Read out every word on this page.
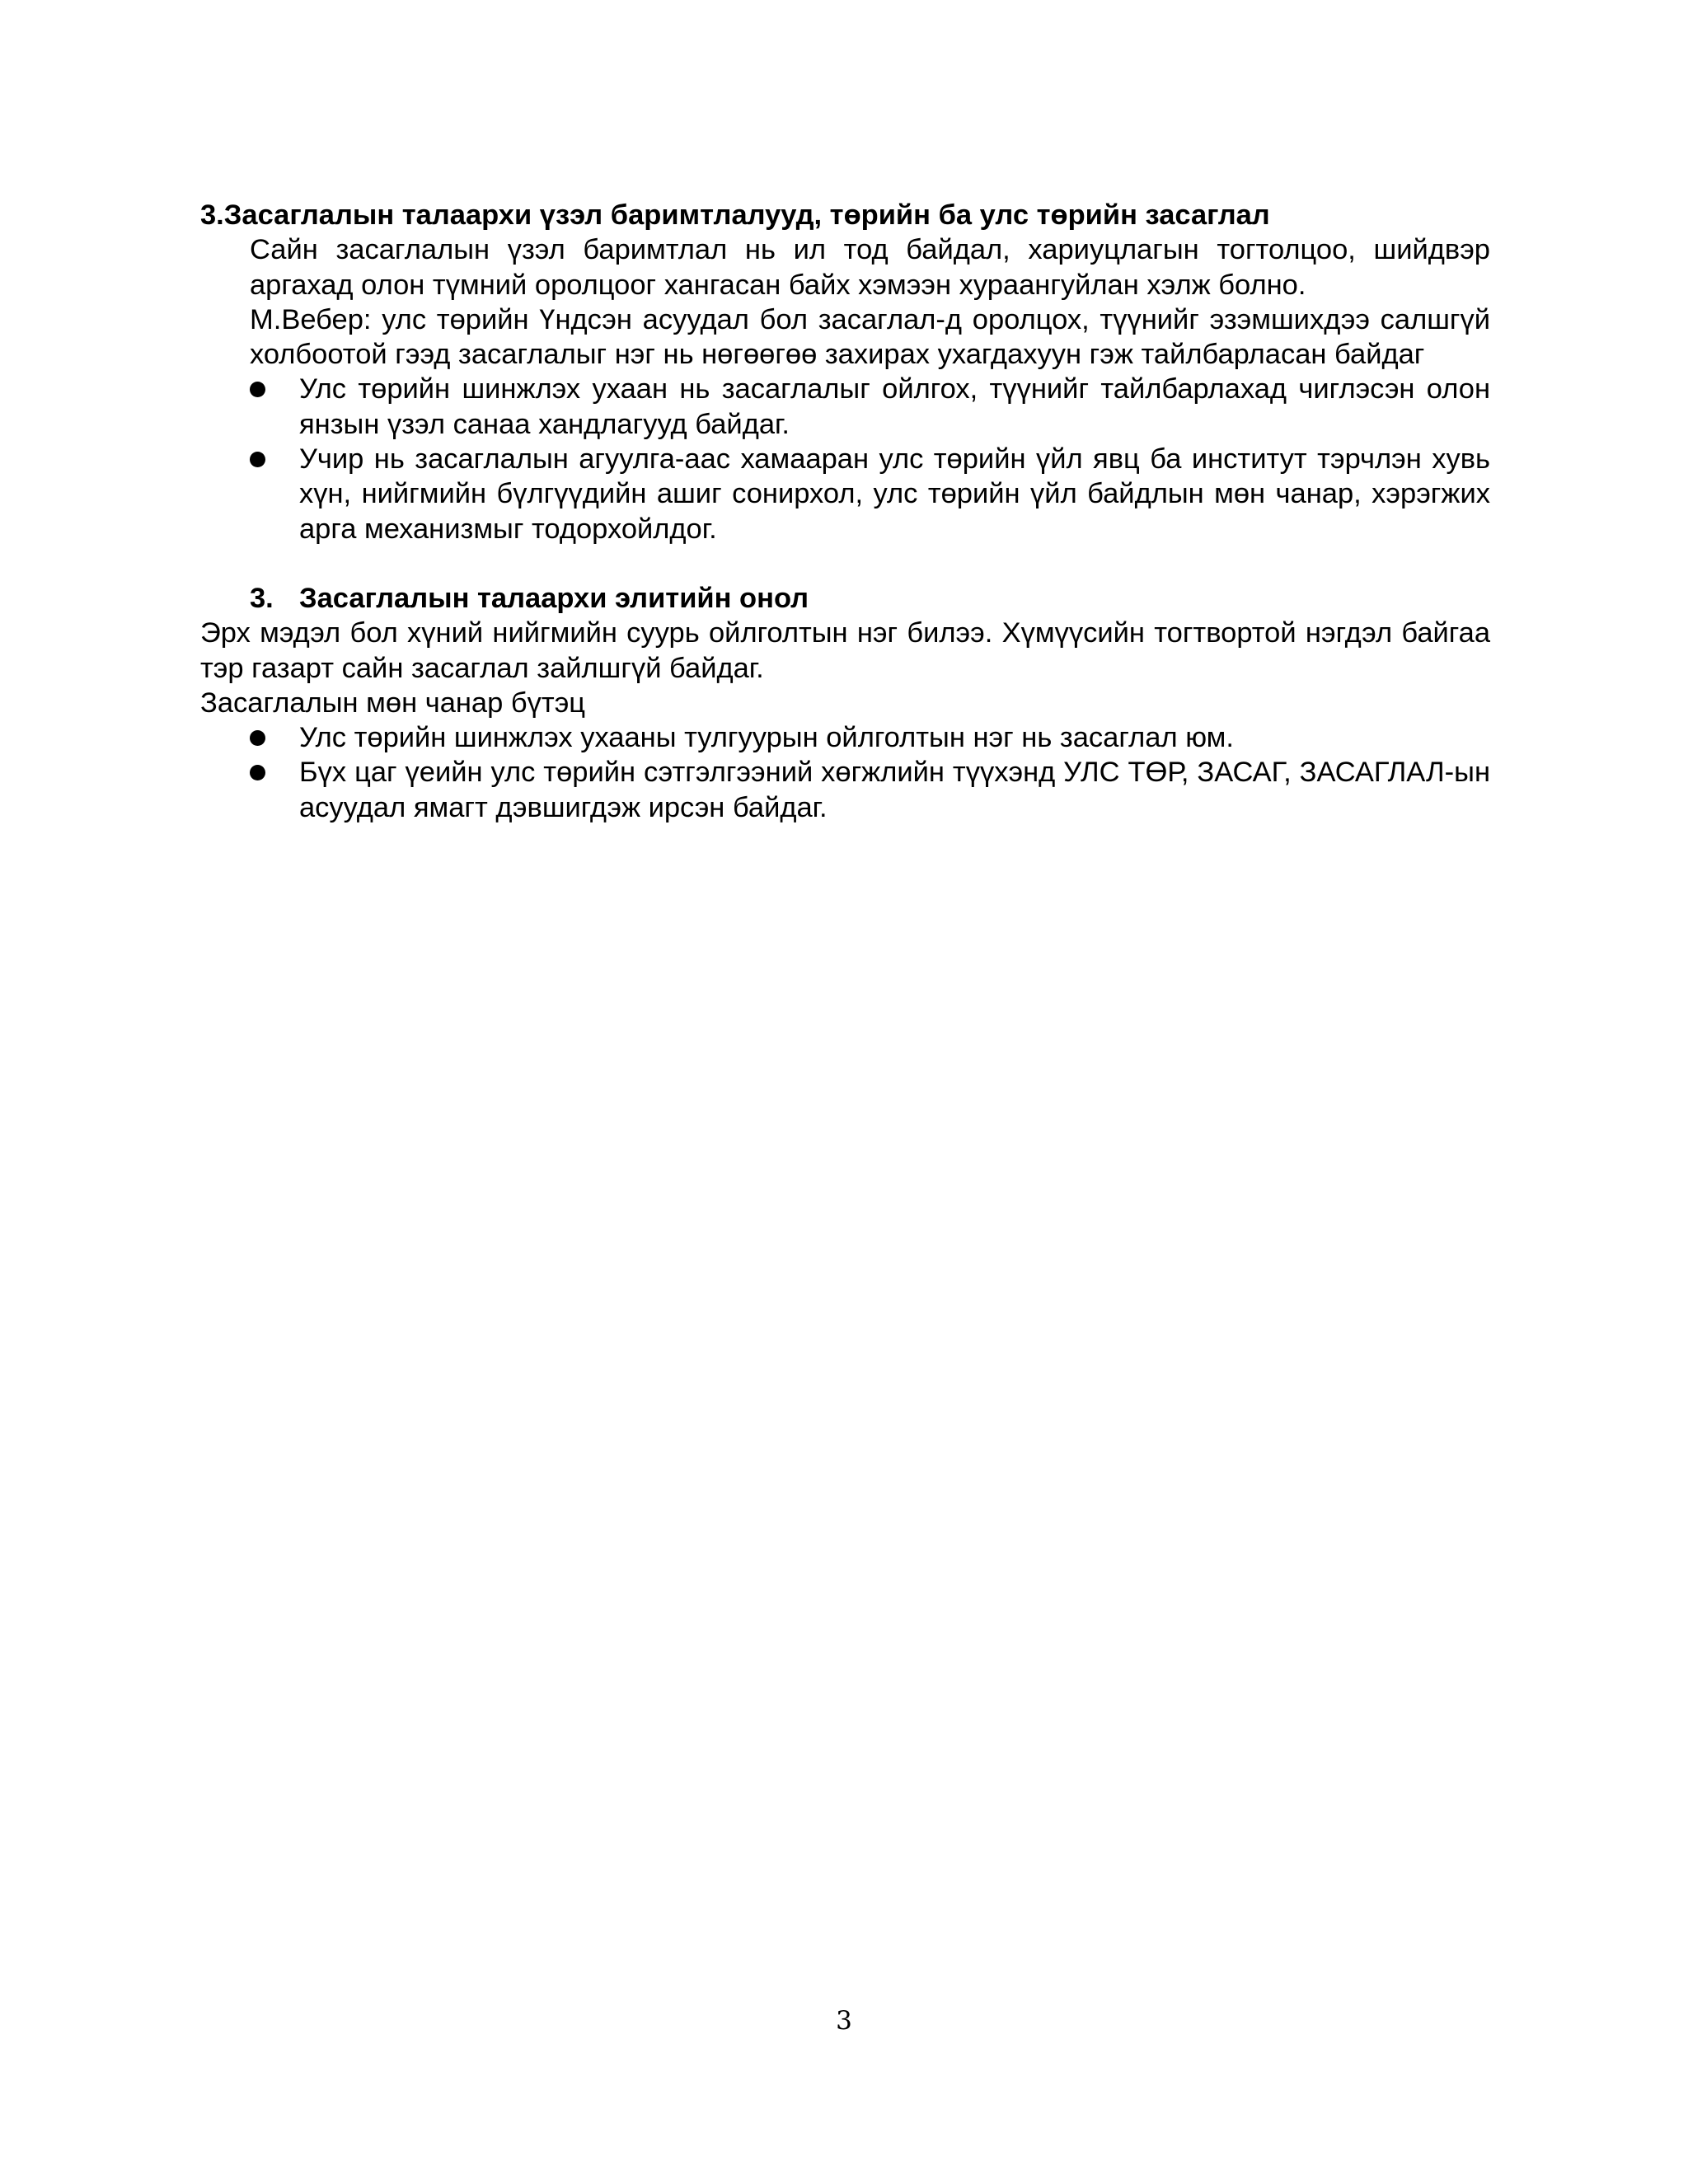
3.Засаглалын талаархи үзэл баримтлалууд, төрийн ба улс төрийн засаглал

Сайн засаглалын үзэл баримтлал нь ил тод байдал, хариуцлагын тогтолцоо, шийдвэр аргахад олон түмний оролцоог хангасан байх хэмээн хураангуйлан хэлж болно.

М.Вебер: улс төрийн Үндсэн асуудал бол засаглал-д оролцох, түүнийг эзэмшихдээ салшгүй холбоотой гээд засаглалыг нэг нь нөгөөгөө захирах ухагдахуун гэж тайлбарласан байдаг

Улс төрийн шинжлэх ухаан нь засаглалыг ойлгох, түүнийг тайлбарлахад чиглэсэн олон янзын үзэл санаа хандлагууд байдаг.
Учир нь засаглалын агуулга-аас хамааран улс төрийн үйл явц ба институт тэрчлэн хувь хүн, нийгмийн бүлгүүдийн ашиг сонирхол, улс төрийн үйл байдлын мөн чанар, хэрэгжих арга механизмыг тодорхойлдог.

3. Засаглалын талаархи элитийн онол

Эрх мэдэл бол хүний нийгмийн суурь ойлголтын нэг билээ. Хүмүүсийн тогтвортой нэгдэл байгаа тэр газарт сайн засаглал зайлшгүй байдаг.

Засаглалын мөн чанар бүтэц

Улс төрийн шинжлэх ухааны тулгуурын ойлголтын нэг нь засаглал юм.
Бүх цаг үеийн улс төрийн сэтгэлгээний хөгжлийн түүхэнд УЛС ТӨР, ЗАСАГ, ЗАСАГЛАЛ-ын асуудал ямагт дэвшигдэж ирсэн байдаг.
3
